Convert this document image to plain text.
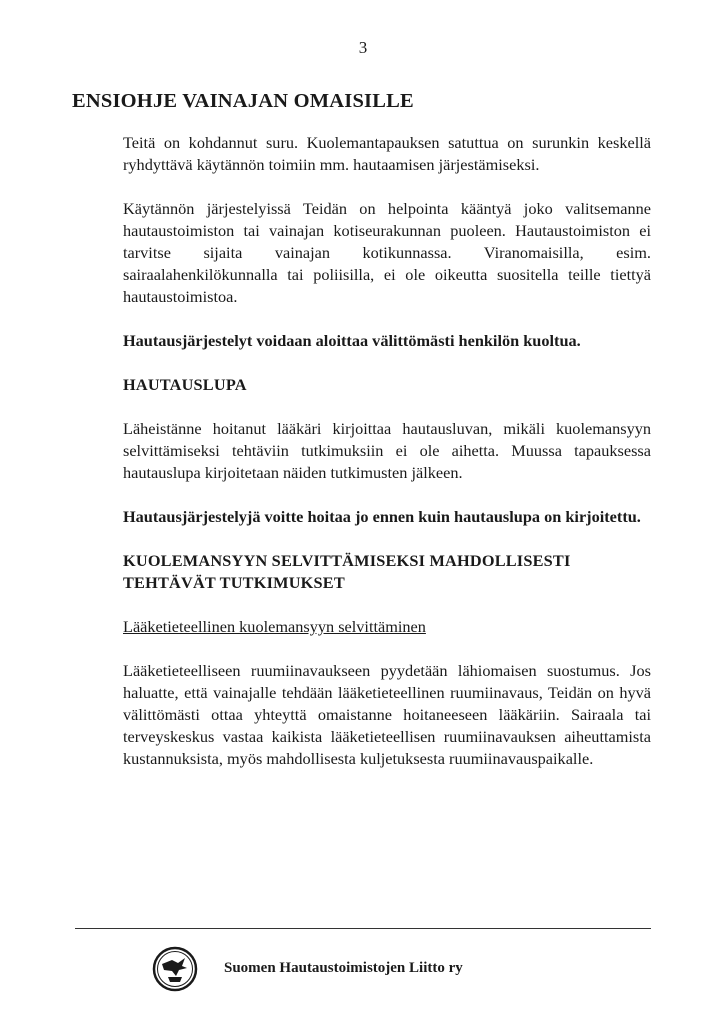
3
ENSIOHJE VAINAJAN OMAISILLE

Teitä on kohdannut suru. Kuolemantapauksen satuttua on surunkin keskellä ryhdyttävä käytännön toimiin mm. hautaamisen järjestämiseksi.

Käytännön järjestelyissä Teidän on helpointa kääntyä joko valitsemanne hautaustoimiston tai vainajan kotiseurakunnan puoleen. Hautaustoimiston ei tarvitse sijaita vainajan kotikunnassa. Viranomaisilla, esim. sairaalahenkilökunnalla tai poliisilla, ei ole oikeutta suositella teille tiettyä hautaustoimistoa.

Hautausjärjestelyt voidaan aloittaa välittömästi henkilön kuoltua.

HAUTAUSLUPA

Läheistänne hoitanut lääkäri kirjoittaa hautausluvan, mikäli kuolemansyyn selvittämiseksi tehtäviin tutkimuksiin ei ole aihetta. Muussa tapauksessa hautauslupa kirjoitetaan näiden tutkimusten jälkeen.

Hautausjärjestelyjä voitte hoitaa jo ennen kuin hautauslupa on kirjoitettu.

KUOLEMANSYYN SELVITTÄMISEKSI MAHDOLLISESTI TEHTÄVÄT TUTKIMUKSET

Lääketieteellinen kuolemansyyn selvittäminen

Lääketieteelliseen ruumiinavaukseen pyydetään lähiomaisen suostumus. Jos haluatte, että vainajalle tehdään lääketieteellinen ruumiinavaus, Teidän on hyvä välittömästi ottaa yhteyttä omaistanne hoitaneeseen lääkäriin. Sairaala tai terveyskeskus vastaa kaikista lääketieteellisen ruumiinavauksen aiheuttamista kustannuksista, myös mahdollisesta kuljetuksesta ruumiinavauspaikalle.

Suomen Hautaustoimistojen Liitto ry
